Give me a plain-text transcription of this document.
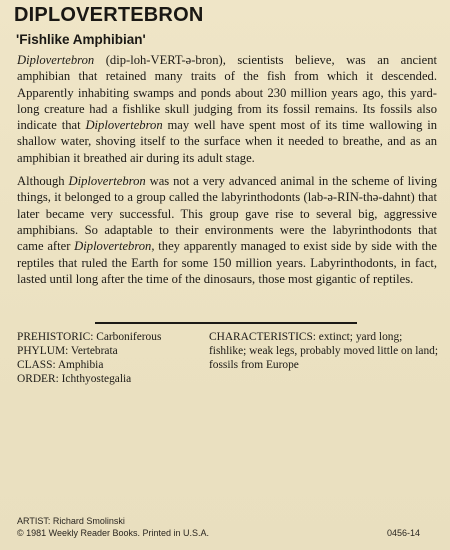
DIPLOVERTEBRON
'Fishlike Amphibian'

Diplovertebron (dip-loh-VERT-ə-bron), scientists believe, was an ancient amphibian that retained many traits of the fish from which it descended. Apparently inhabiting swamps and ponds about 230 million years ago, this yard-long creature had a fishlike skull judging from its fossil remains. Its fossils also indicate that Diplovertebron may well have spent most of its time wallowing in shallow water, shoving itself to the surface when it needed to breathe, and as an amphibian it breathed air during its adult stage.

Although Diplovertebron was not a very advanced animal in the scheme of living things, it belonged to a group called the labyrinthodonts (lab-ə-RIN-thə-dahnt) that later became very successful. This group gave rise to several big, aggressive amphibians. So adaptable to their environments were the labyrinthodonts that came after Diplovertebron, they apparently managed to exist side by side with the reptiles that ruled the Earth for some 150 million years. Labyrinthodonts, in fact, lasted until long after the time of the dinosaurs, those most gigantic of reptiles.

PREHISTORIC: Carboniferous
PHYLUM: Vertebrata
CLASS: Amphibia
ORDER: Ichthyostegalia
CHARACTERISTICS: extinct; yard long; fishlike; weak legs, probably moved little on land; fossils from Europe
ARTIST: Richard Smolinski
© 1981 Weekly Reader Books. Printed in U.S.A.	0456-14
